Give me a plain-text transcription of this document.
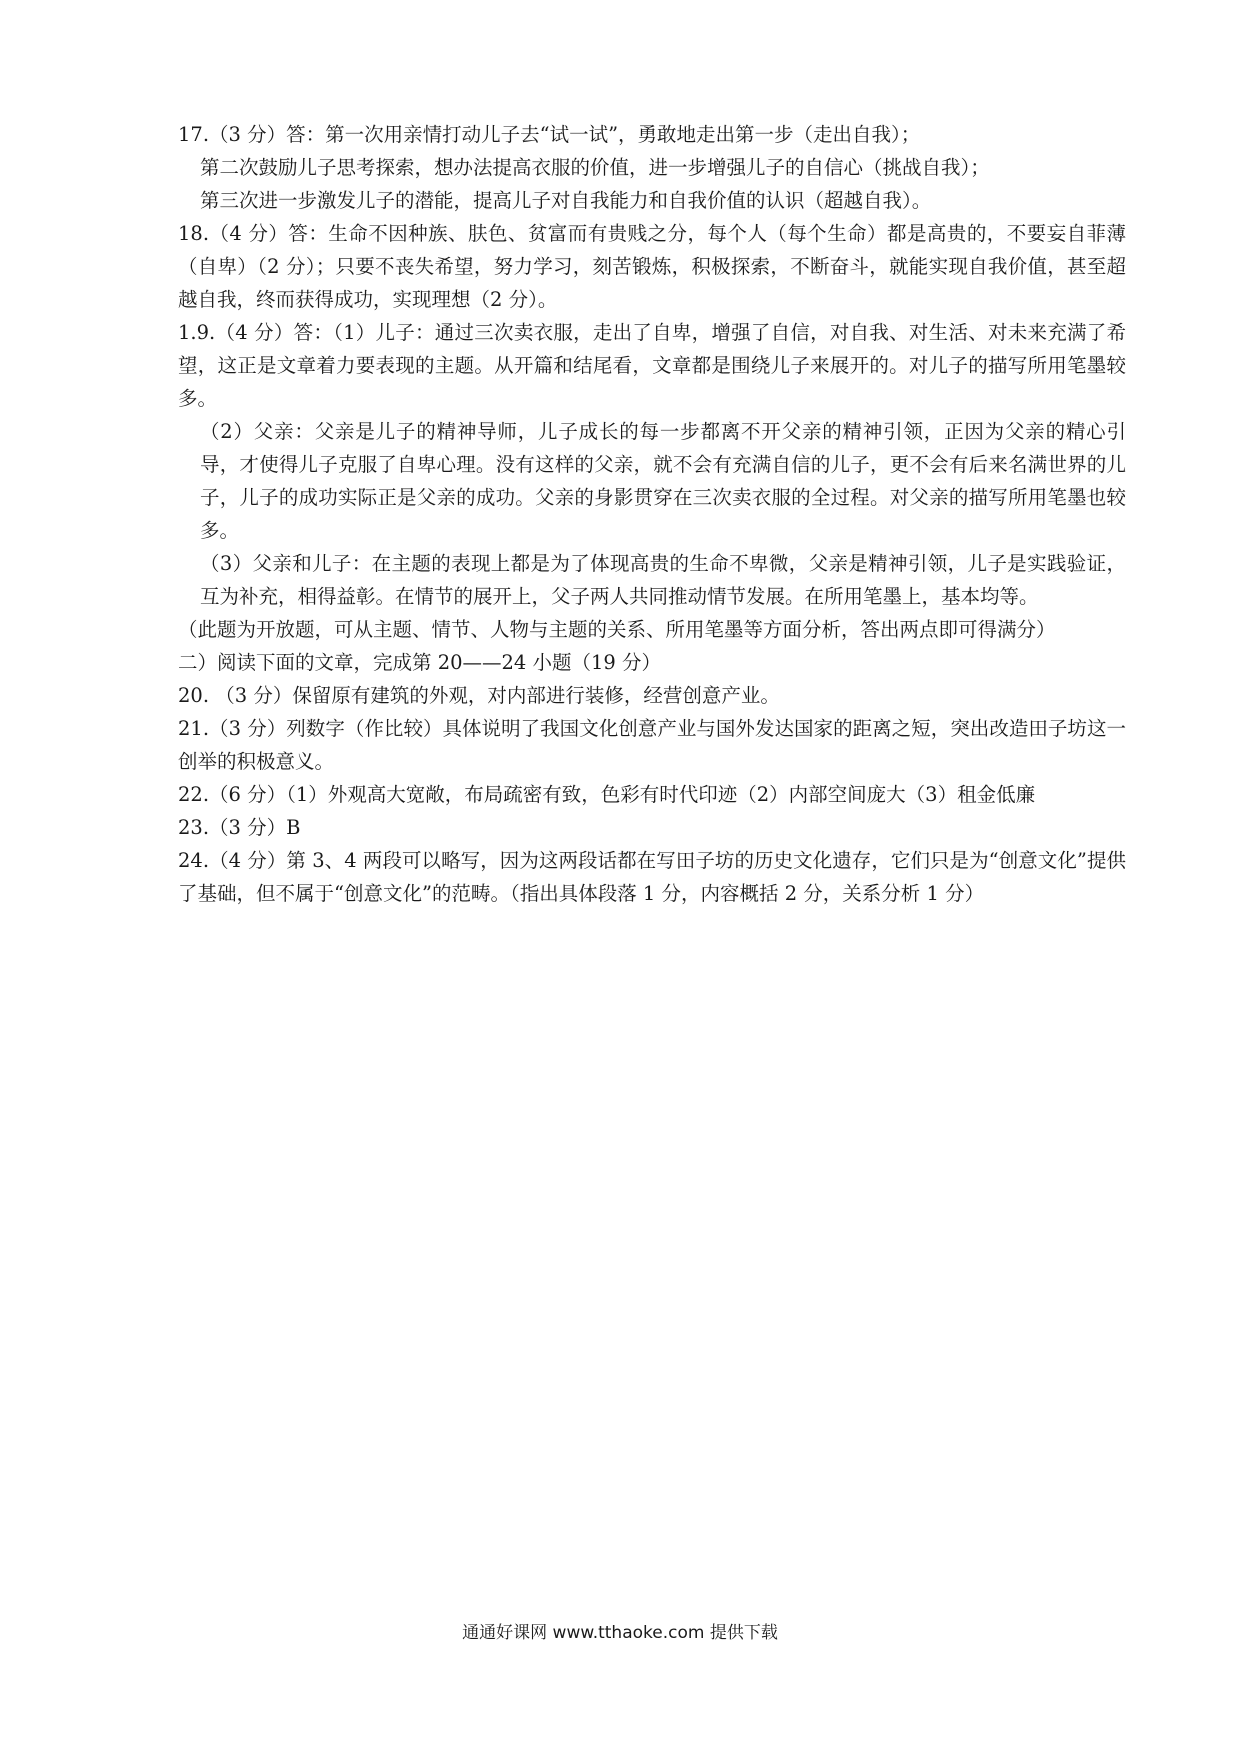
17.（3 分）答：第一次用亲情打动儿子去“试一试”，勇敢地走出第一步（走出自我）；

第二次鼓励儿子思考探索，想办法提高衣服的价值，进一步增强儿子的自信心（挑战自我）；

第三次进一步激发儿子的潜能，提高儿子对自我能力和自我价值的认识（超越自我）。

18.（4 分）答：生命不因种族、肤色、贫富而有贵贱之分，每个人（每个生命）都是高贵的，不要妄自菲薄（自卑）（2 分）；只要不丧失希望，努力学习，刻苦锻炼，积极探索，不断奋斗，就能实现自我价值，甚至超越自我，终而获得成功，实现理想（2 分）。

1.9.（4 分）答：（1）儿子：通过三次卖衣服，走出了自卑，增强了自信，对自我、对生活、对未来充满了希望，这正是文章着力要表现的主题。从开篇和结尾看，文章都是围绕儿子来展开的。对儿子的描写所用笔墨较多。

（2）父亲：父亲是儿子的精神导师，儿子成长的每一步都离不开父亲的精神引领，正因为父亲的精心引导，才使得儿子克服了自卑心理。没有这样的父亲，就不会有充满自信的儿子，更不会有后来名满世界的儿子，儿子的成功实际正是父亲的成功。父亲的身影贯穿在三次卖衣服的全过程。对父亲的描写所用笔墨也较多。

（3）父亲和儿子：在主题的表现上都是为了体现高贵的生命不卑微，父亲是精神引领，儿子是实践验证，互为补充，相得益彰。在情节的展开上，父子两人共同推动情节发展。在所用笔墨上，基本均等。

（此题为开放题，可从主题、情节、人物与主题的关系、所用笔墨等方面分析，答出两点即可得满分）

二）阅读下面的文章，完成第 20——24 小题（19 分）

20. （3 分）保留原有建筑的外观，对内部进行装修，经营创意产业。

21.（3 分）列数字（作比较）具体说明了我国文化创意产业与国外发达国家的距离之短，突出改造田子坊这一创举的积极意义。

22.（6 分）（1）外观高大宽敞，布局疏密有致，色彩有时代印迹（2）内部空间庞大（3）租金低廉

23.（3 分）B

24.（4 分）第 3、4 两段可以略写，因为这两段话都在写田子坊的历史文化遗存，它们只是为“创意文化”提供了基础，但不属于“创意文化”的范畴。（指出具体段落 1 分，内容概括 2 分，关系分析 1 分）

通通好课网 www.tthaoke.com 提供下载
